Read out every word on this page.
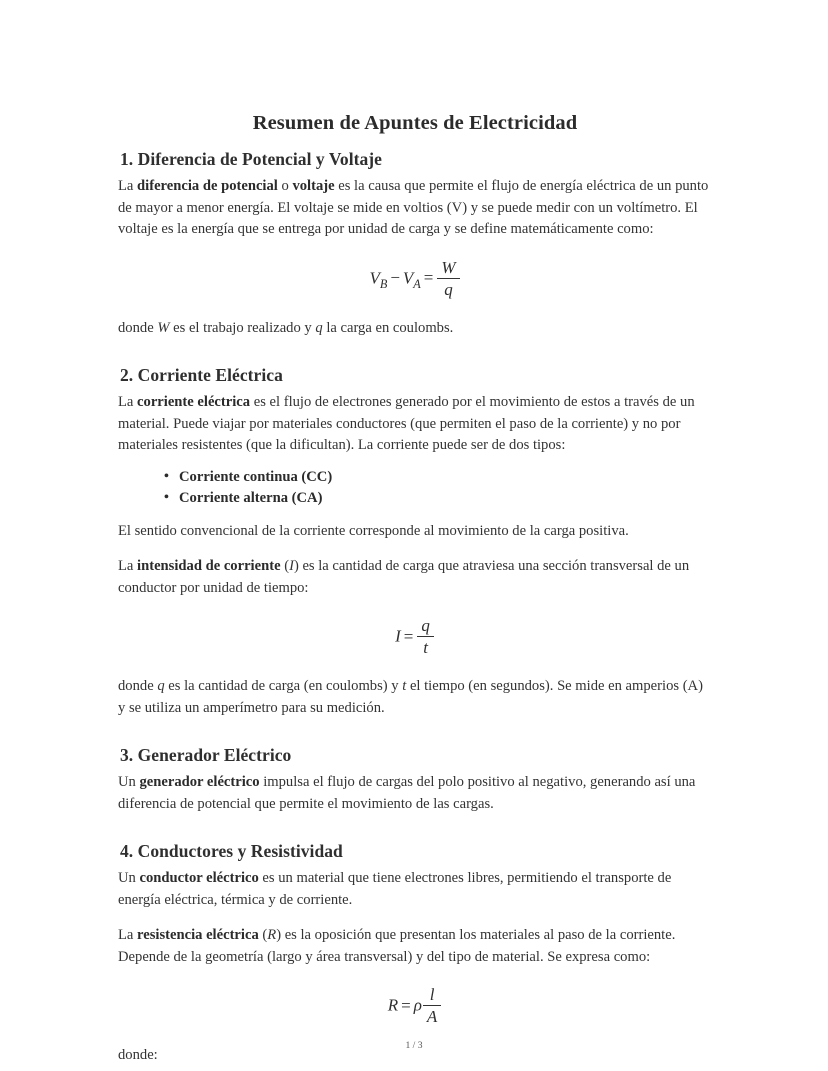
Resumen de Apuntes de Electricidad
1. Diferencia de Potencial y Voltaje

La diferencia de potencial o voltaje es la causa que permite el flujo de energía eléctrica de un punto de mayor a menor energía. El voltaje se mide en voltios (V) y se puede medir con un voltímetro. El voltaje es la energía que se entrega por unidad de carga y se define matemáticamente como:

$V_B - V_A = \frac{W}{q}$

donde W es el trabajo realizado y q la carga en coulombs.

2. Corriente Eléctrica

La corriente eléctrica es el flujo de electrones generado por el movimiento de estos a través de un material. Puede viajar por materiales conductores (que permiten el paso de la corriente) y no por materiales resistentes (que la dificultan). La corriente puede ser de dos tipos:

• Corriente continua (CC)
• Corriente alterna (CA)

El sentido convencional de la corriente corresponde al movimiento de la carga positiva.

La intensidad de corriente (I) es la cantidad de carga que atraviesa una sección transversal de un conductor por unidad de tiempo:

$I = \frac{q}{t}$

donde q es la cantidad de carga (en coulombs) y t el tiempo (en segundos). Se mide en amperios (A) y se utiliza un amperímetro para su medición.

3. Generador Eléctrico

Un generador eléctrico impulsa el flujo de cargas del polo positivo al negativo, generando así una diferencia de potencial que permite el movimiento de las cargas.

4. Conductores y Resistividad

Un conductor eléctrico es un material que tiene electrones libres, permitiendo el transporte de energía eléctrica, térmica y de corriente.

La resistencia eléctrica (R) es la oposición que presentan los materiales al paso de la corriente. Depende de la geometría (largo y área transversal) y del tipo de material. Se expresa como:

R = ρ $\frac{l}{A}$

donde:

1 / 3
